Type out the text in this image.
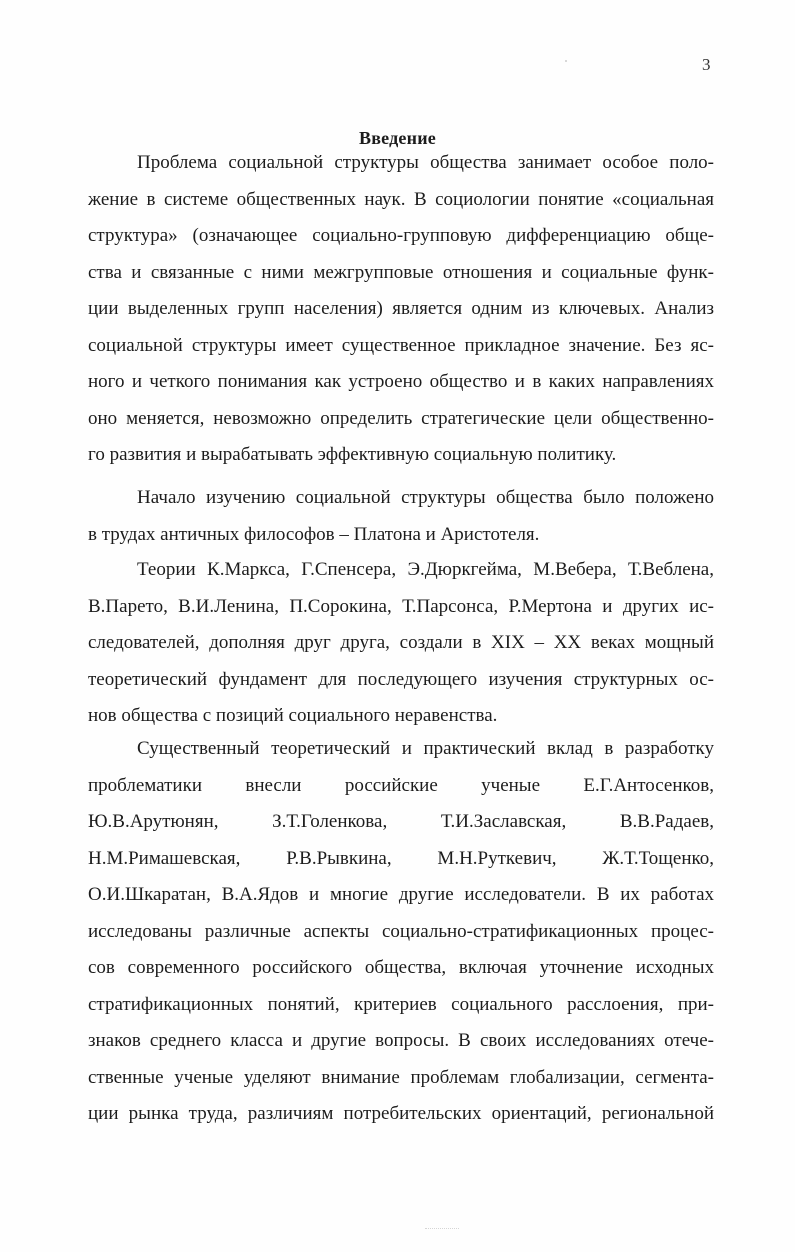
3
Введение
Проблема социальной структуры общества занимает особое поло-
жение в системе общественных наук. В социологии понятие «социальная
структура» (означающее социально-групповую дифференциацию обще-
ства и связанные с ними межгрупповые отношения и социальные функ-
ции выделенных групп населения) является одним из ключевых. Анализ
социальной структуры имеет существенное прикладное значение. Без яс-
ного и четкого понимания как устроено общество и в каких направлениях
оно меняется, невозможно определить стратегические цели общественно-
го развития и вырабатывать эффективную социальную политику.
Начало изучению социальной структуры общества было положено
в трудах античных философов – Платона и Аристотеля.
Теории К.Маркса, Г.Спенсера, Э.Дюркгейма, М.Вебера, Т.Веблена,
В.Парето, В.И.Ленина, П.Сорокина, Т.Парсонса, Р.Мертона и других ис-
следователей, дополняя друг друга, создали в XIX – XX веках мощный
теоретический фундамент для последующего изучения структурных ос-
нов общества с позиций социального неравенства.
Существенный теоретический и практический вклад в разработку
проблематики внесли российские ученые Е.Г.Антосенков,
Ю.В.Арутюнян, З.Т.Голенкова, Т.И.Заславская, В.В.Радаев,
Н.М.Римашевская, Р.В.Рывкина, М.Н.Руткевич, Ж.Т.Тощенко,
О.И.Шкаратан, В.А.Ядов и многие другие исследователи. В их работах
исследованы различные аспекты социально-стратификационных процес-
сов современного российского общества, включая уточнение исходных
стратификационных понятий, критериев социального расслоения, при-
знаков среднего класса и другие вопросы. В своих исследованиях отече-
ственные ученые уделяют внимание проблемам глобализации, сегмента-
ции рынка труда, различиям потребительских ориентаций, региональной
